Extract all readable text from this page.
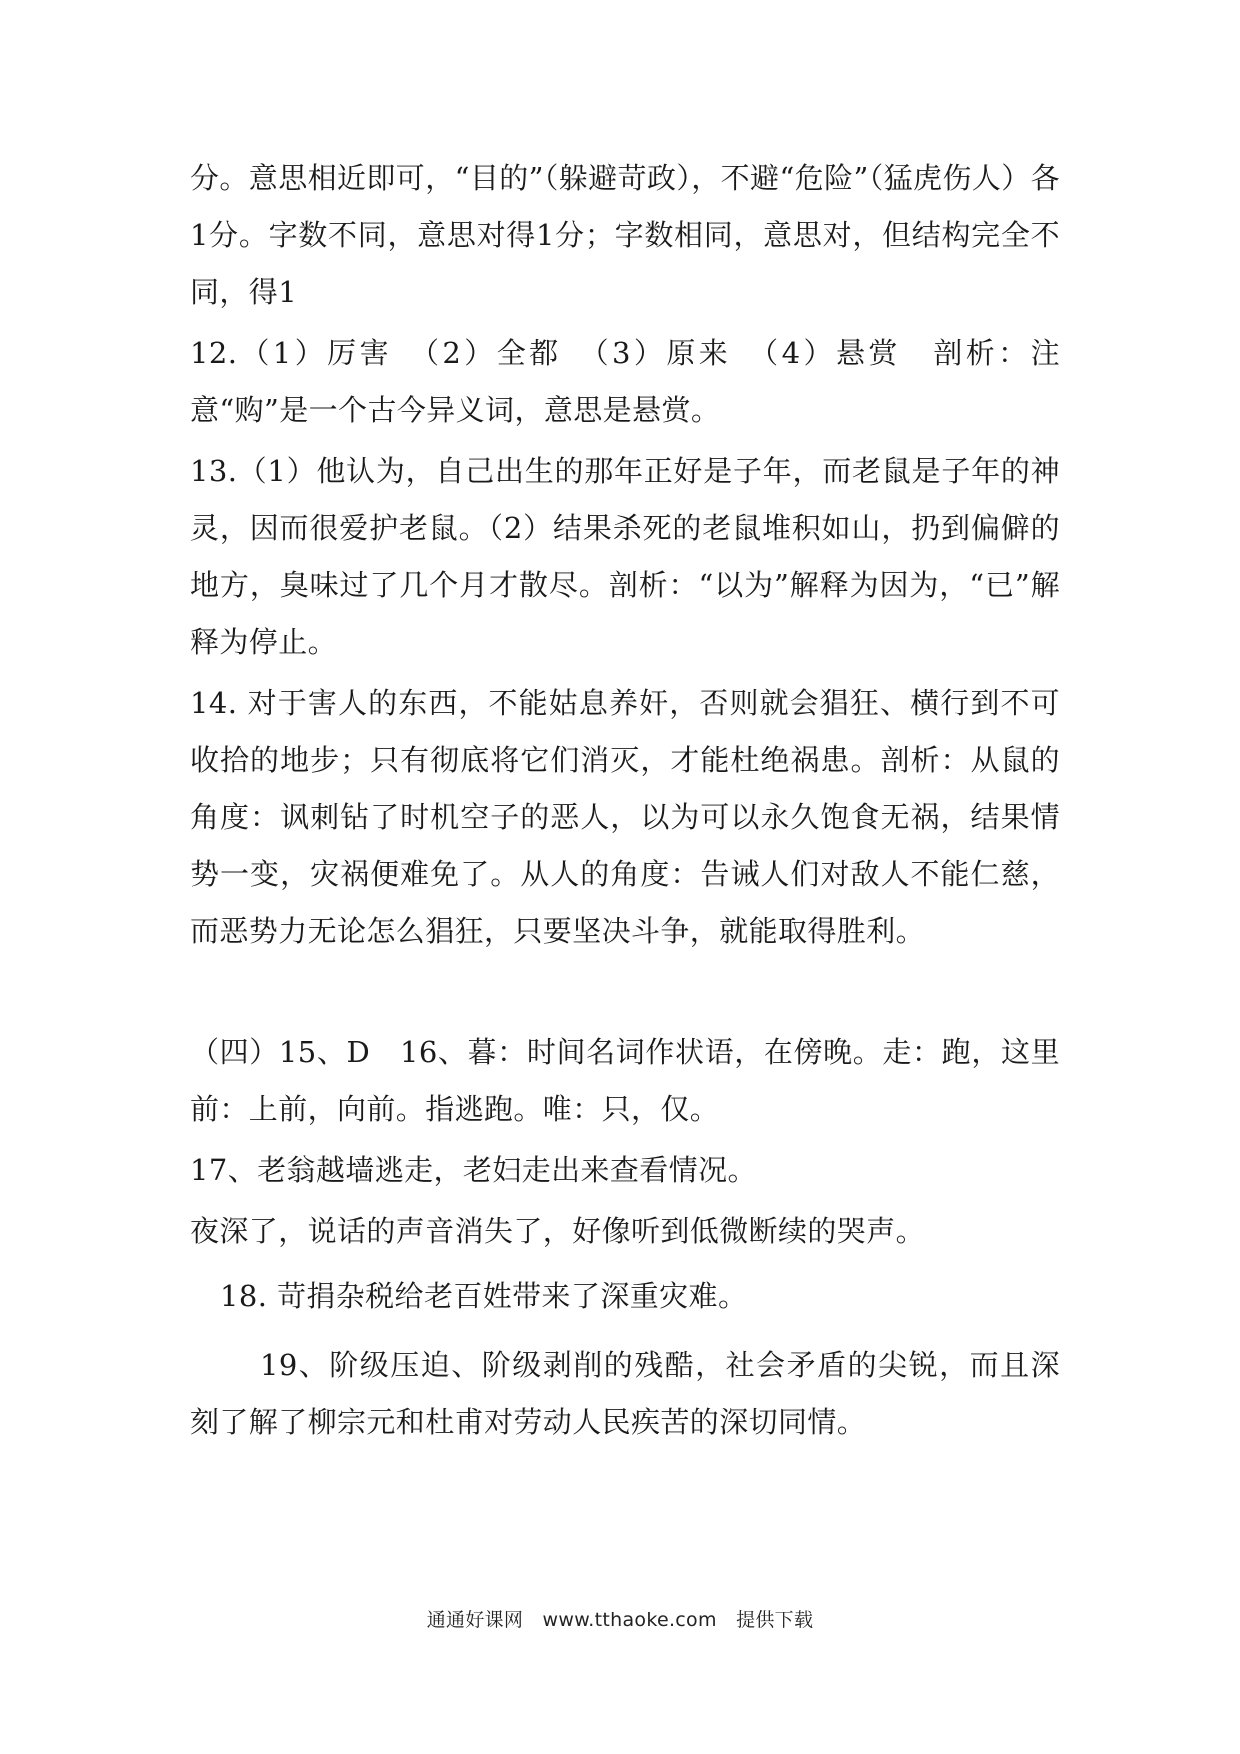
分。意思相近即可，“目的”（躲避苛政），不避“危险”（猛虎伤人）各1分。字数不同，意思对得1分；字数相同，意思对，但结构完全不同，得1

12.（1）厉害　（2）全都　（3）原来　（4）悬赏　剖析：注意“购”是一个古今异义词，意思是悬赏。

13.（1）他认为，自己出生的那年正好是子年，而老鼠是子年的神灵，因而很爱护老鼠。（2）结果杀死的老鼠堆积如山，扔到偏僻的地方，臭味过了几个月才散尽。剖析：“以为”解释为因为，“已”解释为停止。

14. 对于害人的东西，不能姑息养奸，否则就会猖狂、横行到不可收拾的地步；只有彻底将它们消灭，才能杜绝祸患。剖析：从鼠的角度：讽刺钻了时机空子的恶人，以为可以永久饱食无祸，结果情势一变，灾祸便难免了。从人的角度：告诫人们对敌人不能仁慈，而恶势力无论怎么猖狂，只要坚决斗争，就能取得胜利。

（四）15、D　16、暮：时间名词作状语，在傍晚。走：跑，这里前：上前，向前。指逃跑。唯：只，仅。

17、老翁越墙逃走，老妇走出来查看情况。

夜深了，说话的声音消失了，好像听到低微断续的哭声。

18. 苛捐杂税给老百姓带来了深重灾难。

19、阶级压迫、阶级剥削的残酷，社会矛盾的尖锐，而且深刻了解了柳宗元和杜甫对劳动人民疾苦的深切同情。

通通好课网　www.tthaoke.com　提供下载
